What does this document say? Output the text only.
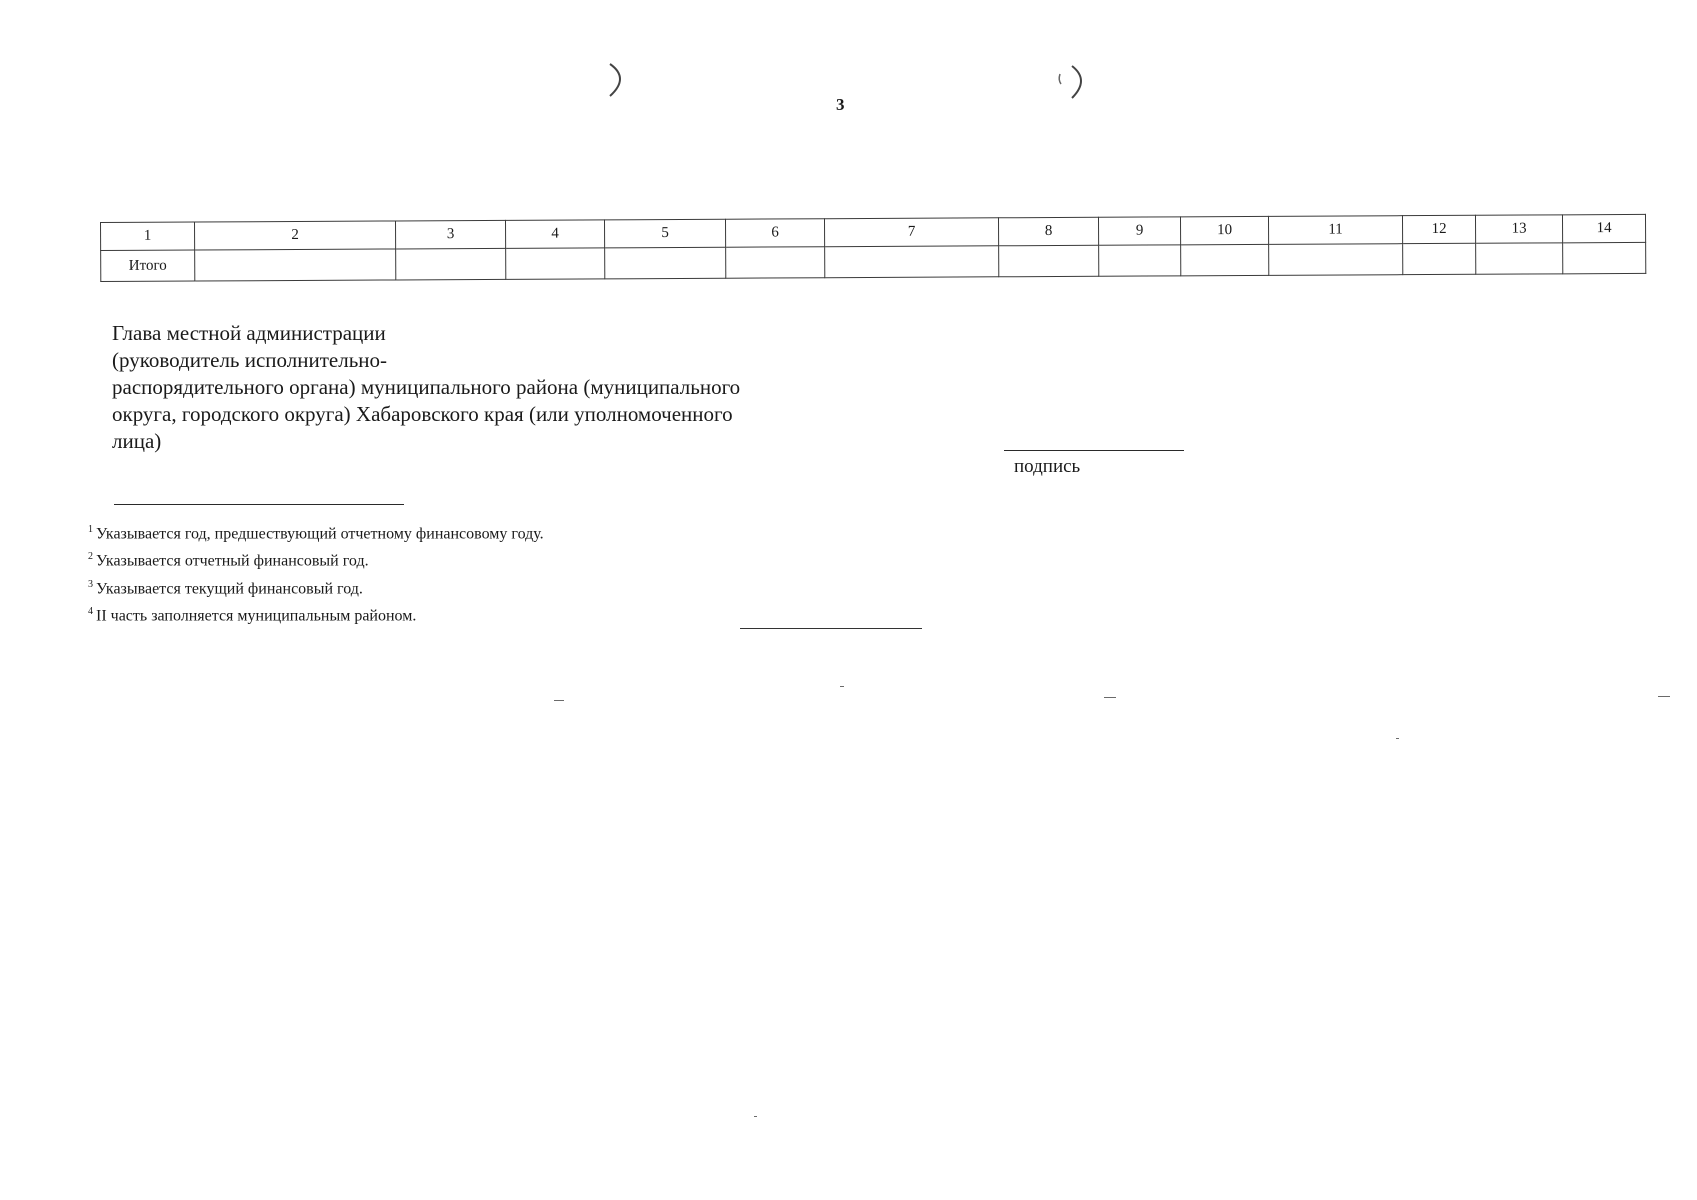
3
1	2	3	4	5	6	7	8	9	10	11	12	13	14
Итого													
Глава местной администрации
(руководитель исполнительно-
распорядительного органа) муниципального района (муниципального
округа, городского округа) Хабаровского края (или уполномоченного
лица)
подпись
$^1$ Указывается год, предшествующий отчетному финансовому году.
$^2$ Указывается отчетный финансовый год.
$^3$ Указывается текущий финансовый год.
$^4$ II часть заполняется муниципальным районом.
